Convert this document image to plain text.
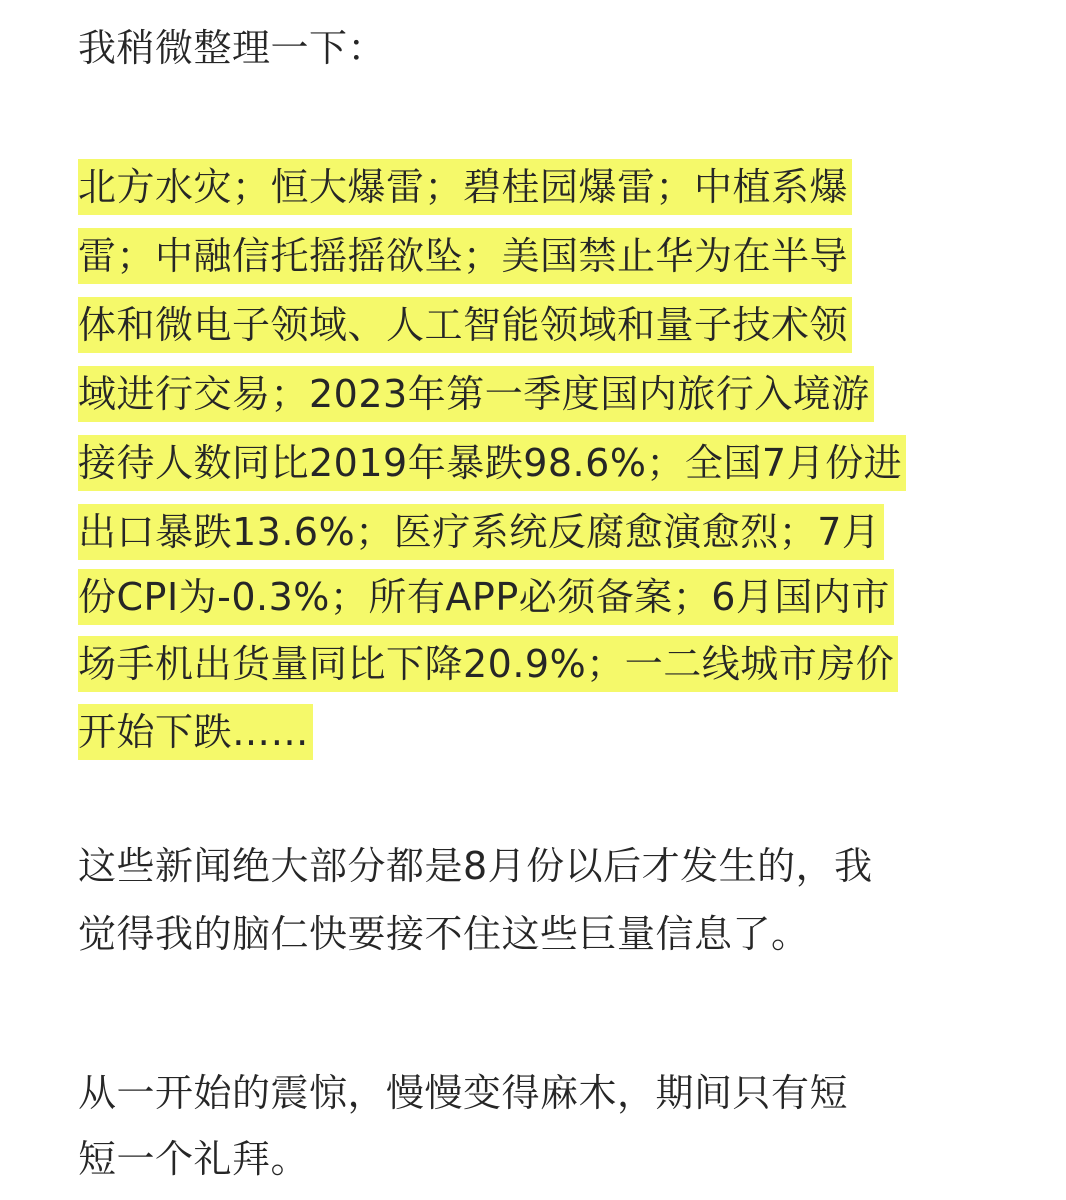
我稍微整理一下：
北方水灾；恒大爆雷；碧桂园爆雷；中植系爆
雷；中融信托摇摇欲坠；美国禁止华为在半导
体和微电子领域、人工智能领域和量子技术领
域进行交易；2023年第一季度国内旅行入境游
接待人数同比2019年暴跌98.6%；全国7月份进
出口暴跌13.6%；医疗系统反腐愈演愈烈；7月
份CPI为-0.3%；所有APP必须备案；6月国内市
场手机出货量同比下降20.9%；一二线城市房价
开始下跌……
这些新闻绝大部分都是8月份以后才发生的，我
觉得我的脑仁快要接不住这些巨量信息了。
从一开始的震惊，慢慢变得麻木，期间只有短
短一个礼拜。
